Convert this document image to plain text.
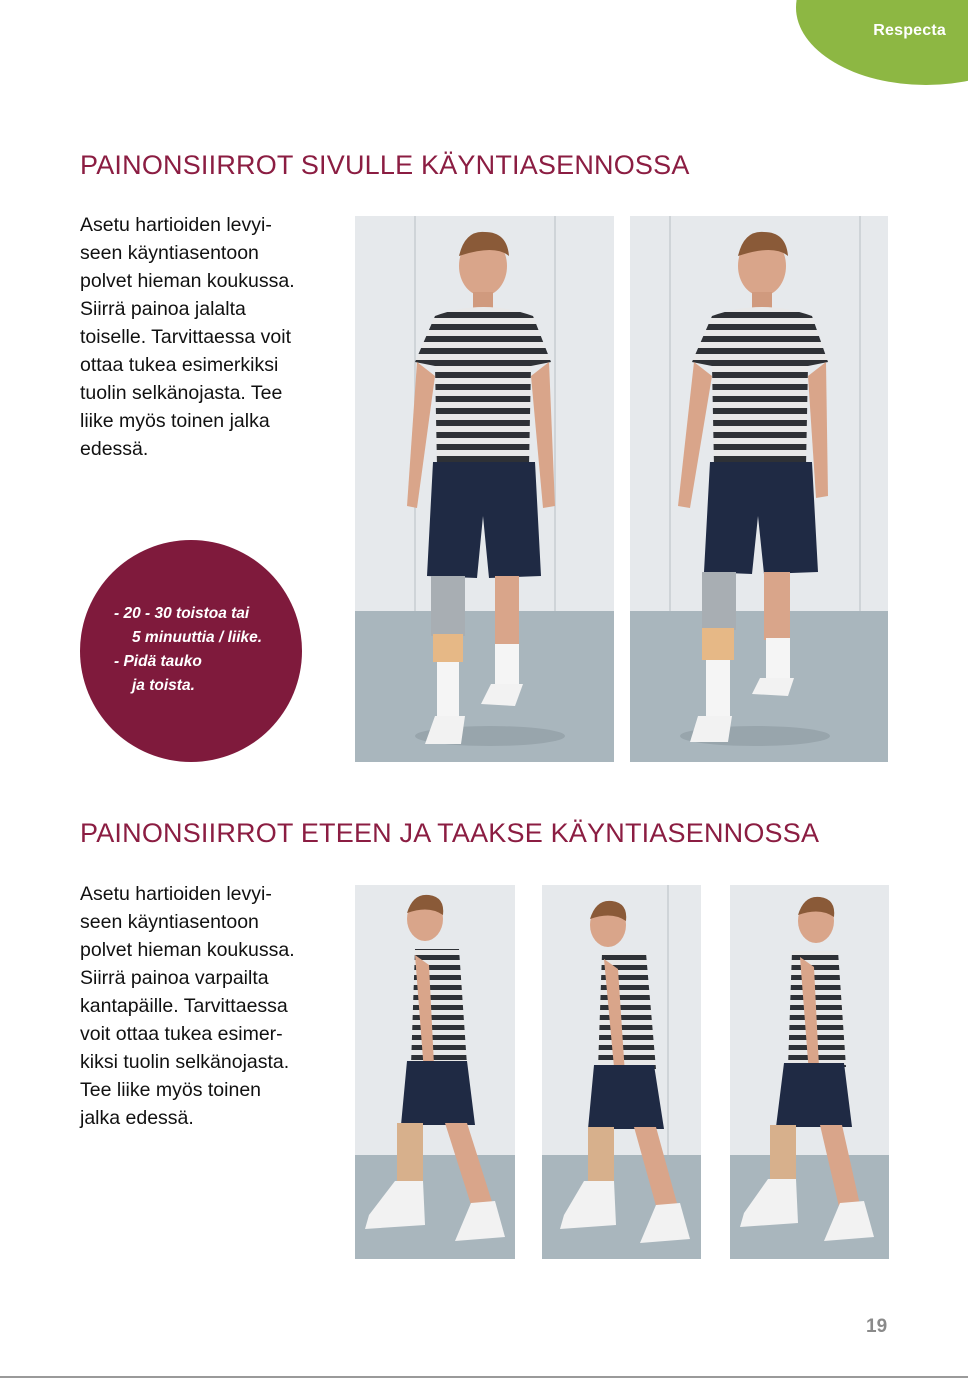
Respecta
PAINONSIIRROT SIVULLE KÄYNTIASENNOSSA

Asetu hartioiden levyi-
seen käyntiasentoon
polvet hieman koukussa.
Siirrä painoa jalalta
toiselle. Tarvittaessa voit
ottaa tukea esimerkiksi
tuolin selkänojasta. Tee
liike myös toinen jalka
edessä.

- 20 - 30 toistoa tai
5 minuuttia / liike.
- Pidä tauko
ja toista.
PAINONSIIRROT ETEEN JA TAAKSE KÄYNTIASENNOSSA

Asetu hartioiden levyi-
seen käyntiasentoon
polvet hieman koukussa.
Siirrä painoa varpailta
kantapäille. Tarvittaessa
voit ottaa tukea esimer-
kiksi tuolin selkänojasta.
Tee liike myös toinen
jalka edessä.

19
